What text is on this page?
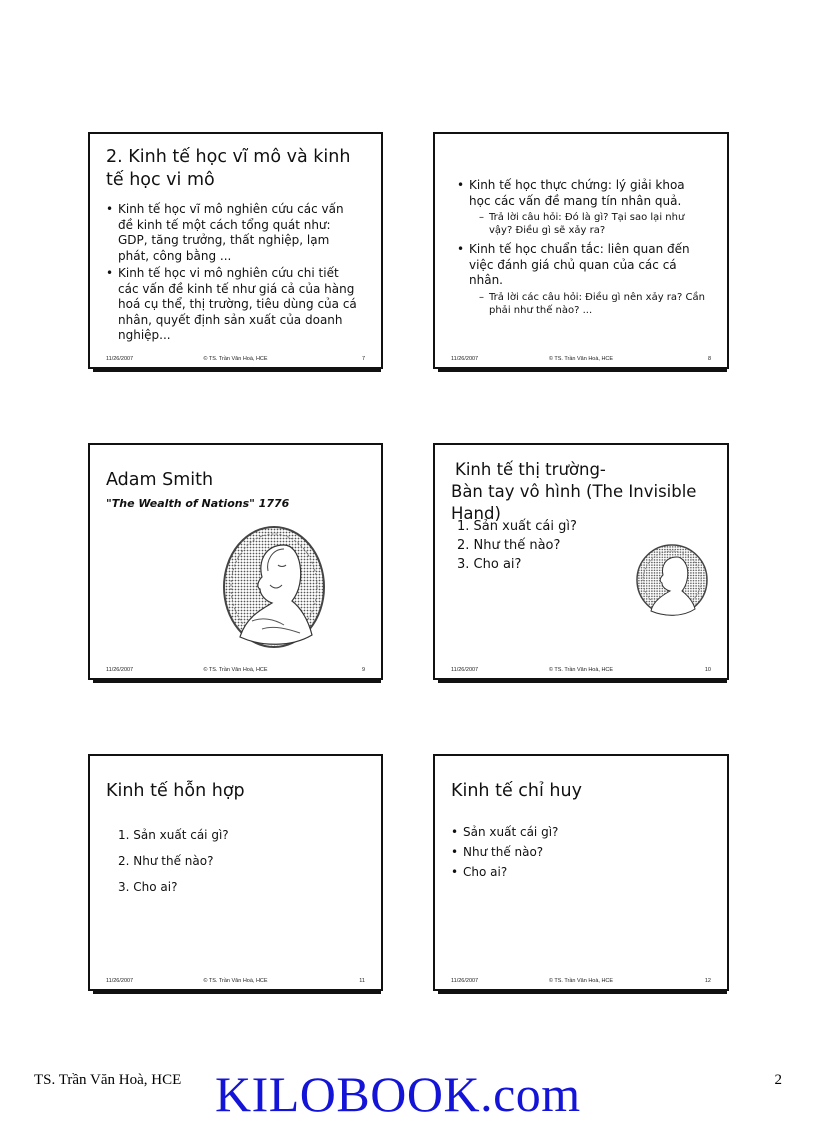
2. Kinh tế học vĩ mô và kinh tế học vi mô
• Kinh tế học vĩ mô nghiên cứu các vấn đề kinh tế một cách tổng quát như: GDP, tăng trưởng, thất nghiệp, lạm phát, công bằng ...
• Kinh tế học vi mô nghiên cứu chi tiết các vấn đề kinh tế như giá cả của hàng hoá cụ thể, thị trường, tiêu dùng của cá nhân, quyết định sản xuất của doanh nghiệp...
11/26/2007	© TS. Trần Văn Hoà, HCE	7
• Kinh tế học thực chứng: lý giải khoa học các vấn đề mang tín nhân quả.
– Trả lời câu hỏi: Đó là gì? Tại sao lại như vậy? Điều gì sẽ xảy ra?
• Kinh tế học chuẩn tắc: liên quan đến việc đánh giá chủ quan của các cá nhân.
– Trả lời các câu hỏi: Điều gì nên xảy ra? Cần phải như thế nào? ...
11/26/2007	© TS. Trần Văn Hoà, HCE	8
Adam Smith
"The Wealth of Nations" 1776
11/26/2007	© TS. Trần Văn Hoà, HCE	9
Kinh tế thị trường-
Bàn tay vô hình (The Invisible Hand)
1. Sản xuất cái gì?
2. Như thế nào?
3. Cho ai?
11/26/2007	© TS. Trần Văn Hoà, HCE	10
Kinh tế hỗn hợp
1. Sản xuất cái gì?
2. Như thế nào?
3. Cho ai?
11/26/2007	© TS. Trần Văn Hoà, HCE	11
Kinh tế chỉ huy
• Sản xuất cái gì?
• Như thế nào?
• Cho ai?
11/26/2007	© TS. Trần Văn Hoà, HCE	12
TS. Trần Văn Hoà, HCE KILOBOOK.com	2
